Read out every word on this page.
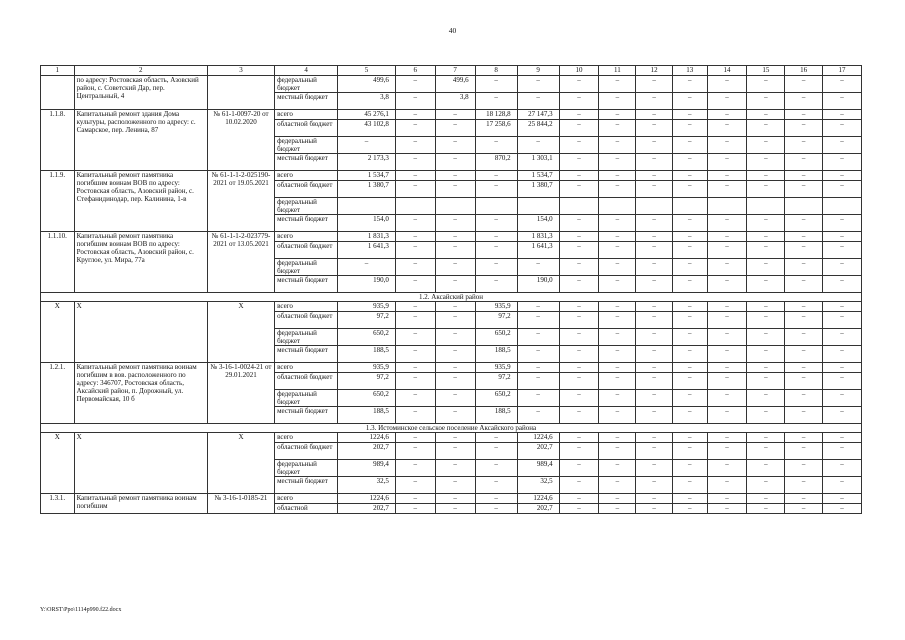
40
1	2	3	4	5	6	7	8	9	10	11	12	13	14	15	16	17
	по адресу: Ростовская область, Азовский район, с. Советский Дар, пер. Центральный, 4		федеральный бюджет	499,6	–	499,6	–	–	–	–	–	–	–	–	–	–
			местный бюджет	3,8	–	3,8	–	–	–	–	–	–	–	–	–	–
1.1.8.	Капитальный ремонт здания Дома культуры, расположенного по адресу: с. Самарское, пер. Ленина, 87	№ 61-1-0097-20 от 10.02.2020	всего	45 276,1	–	–	18 128,8	27 147,3	–	–	–	–	–	–	–	–
			областной бюджет	43 102,8	–	–	17 258,6	25 844,2	–	–	–	–	–	–	–	–
			федеральный бюджет	–	–	–	–	–	–	–	–	–	–	–	–	–
			местный бюджет	2 173,3	–	–	870,2	1 303,1	–	–	–	–	–	–	–	–
1.1.9.	Капитальный ремонт памятника погибшим воинам ВОВ по адресу: Ростовская область, Азовский район, с. Стефанидинодар, пер. Калинина, 1-в	№ 61-1-1-2-025190-2021 от 19.05.2021	всего	1 534,7	–	–	–	1 534,7	–	–	–	–	–	–	–	–
			областной бюджет	1 380,7	–	–	–	1 380,7	–	–	–	–	–	–	–	–
			федеральный бюджет													
			местный бюджет	154,0	–	–	–	154,0	–	–	–	–	–	–	–	–
1.1.10.	Капитальный ремонт памятника погибшим воинам ВОВ по адресу: Ростовская область, Азовский район, с. Круглое, ул. Мира, 77а	№ 61-1-1-2-023779-2021 от 13.05.2021	всего	1 831,3	–	–	–	1 831,3	–	–	–	–	–	–	–	–
			областной бюджет	1 641,3	–	–	–	1 641,3	–	–	–	–	–	–	–	–
			федеральный бюджет	–	–	–	–	–	–	–	–	–	–	–	–	–
			местный бюджет	190,0	–	–	–	190,0	–	–	–	–	–	–	–	–
1.2. Аксайский район																
Х	Х	Х	всего	935,9	–	–	935,9	–	–	–	–	–	–	–	–	–
			областной бюджет	97,2	–	–	97,2	–	–	–	–	–	–	–	–	–
			федеральный бюджет	650,2	–	–	650,2	–	–	–	–	–	–	–	–	–
			местный бюджет	188,5	–	–	188,5	–	–	–	–	–	–	–	–	–
1.2.1.	Капитальный ремонт памятника воинам погибшим в вов. расположенного по адресу: 346707, Ростовская область, Аксайский район, п. Дорожный, ул. Первомайская, 10 б	№ 3-16-1-0024-21 от 29.01.2021	всего	935,9	–	–	935,9	–	–	–	–	–	–	–	–	–
			областной бюджет	97,2	–	–	97,2	–	–	–	–	–	–	–	–	–
			федеральный бюджет	650,2	–	–	650,2	–	–	–	–	–	–	–	–	–
			местный бюджет	188,5	–	–	188,5	–	–	–	–	–	–	–	–	–
1.3. Истоминское сельское поселение Аксайского района																
Х	Х	Х	всего	1224,6	–	–	–	1224,6	–	–	–	–	–	–	–	–
			областной бюджет	202,7	–	–	–	202,7	–	–	–	–	–	–	–	–
			федеральный бюджет	989,4	–	–	–	989,4	–	–	–	–	–	–	–	–
			местный бюджет	32,5	–	–	–	32,5	–	–	–	–	–	–	–	–
1.3.1.	Капитальный ремонт памятника воинам погибшим	№ 3-16-1-0185-21	всего	1224,6	–	–	–	1224,6	–	–	–	–	–	–	–	–
			областной	202,7	–	–	–	202,7	–	–	–	–	–	–	–	–
Y:\ORST\Ppo\1114p990.f22.docx
